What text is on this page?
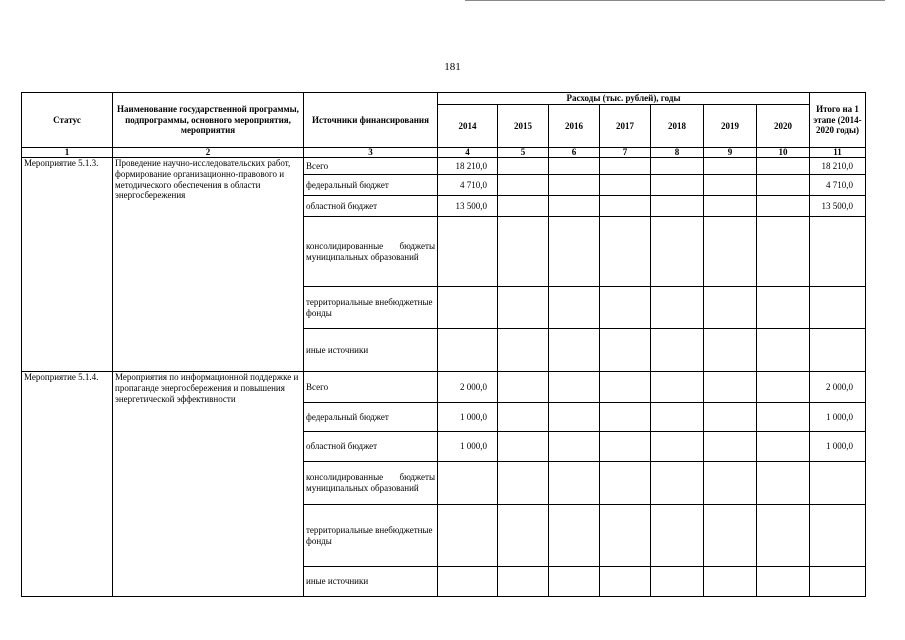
181
Статус	Наименование государственной программы, подпрограммы, основного мероприятия, мероприятия	Источники финансирования	Расходы (тыс. рублей), годы							Итого на 1 этапе (2014-2020 годы)
			2014	2015	2016	2017	2018	2019	2020	
1	2	3	4	5	6	7	8	9	10	11
Мероприятие 5.1.3.	Проведение научно-исследовательских работ, формирование организационно-правового и методического обеспечения в области энергосбережения	Всего	18 210,0							18 210,0
		федеральный бюджет	4 710,0							4 710,0
		областной бюджет	13 500,0							13 500,0
		консолидированные бюджеты муниципальных образований								
		территориальные внебюджетные фонды								
		иные источники								
Мероприятие 5.1.4.	Мероприятия по информационной поддержке и пропаганде энергосбережения и повышения энергетической эффективности	Всего	2 000,0							2 000,0
		федеральный бюджет	1 000,0							1 000,0
		областной бюджет	1 000,0							1 000,0
		консолидированные бюджеты муниципальных образований								
		территориальные внебюджетные фонды								
		иные источники								
